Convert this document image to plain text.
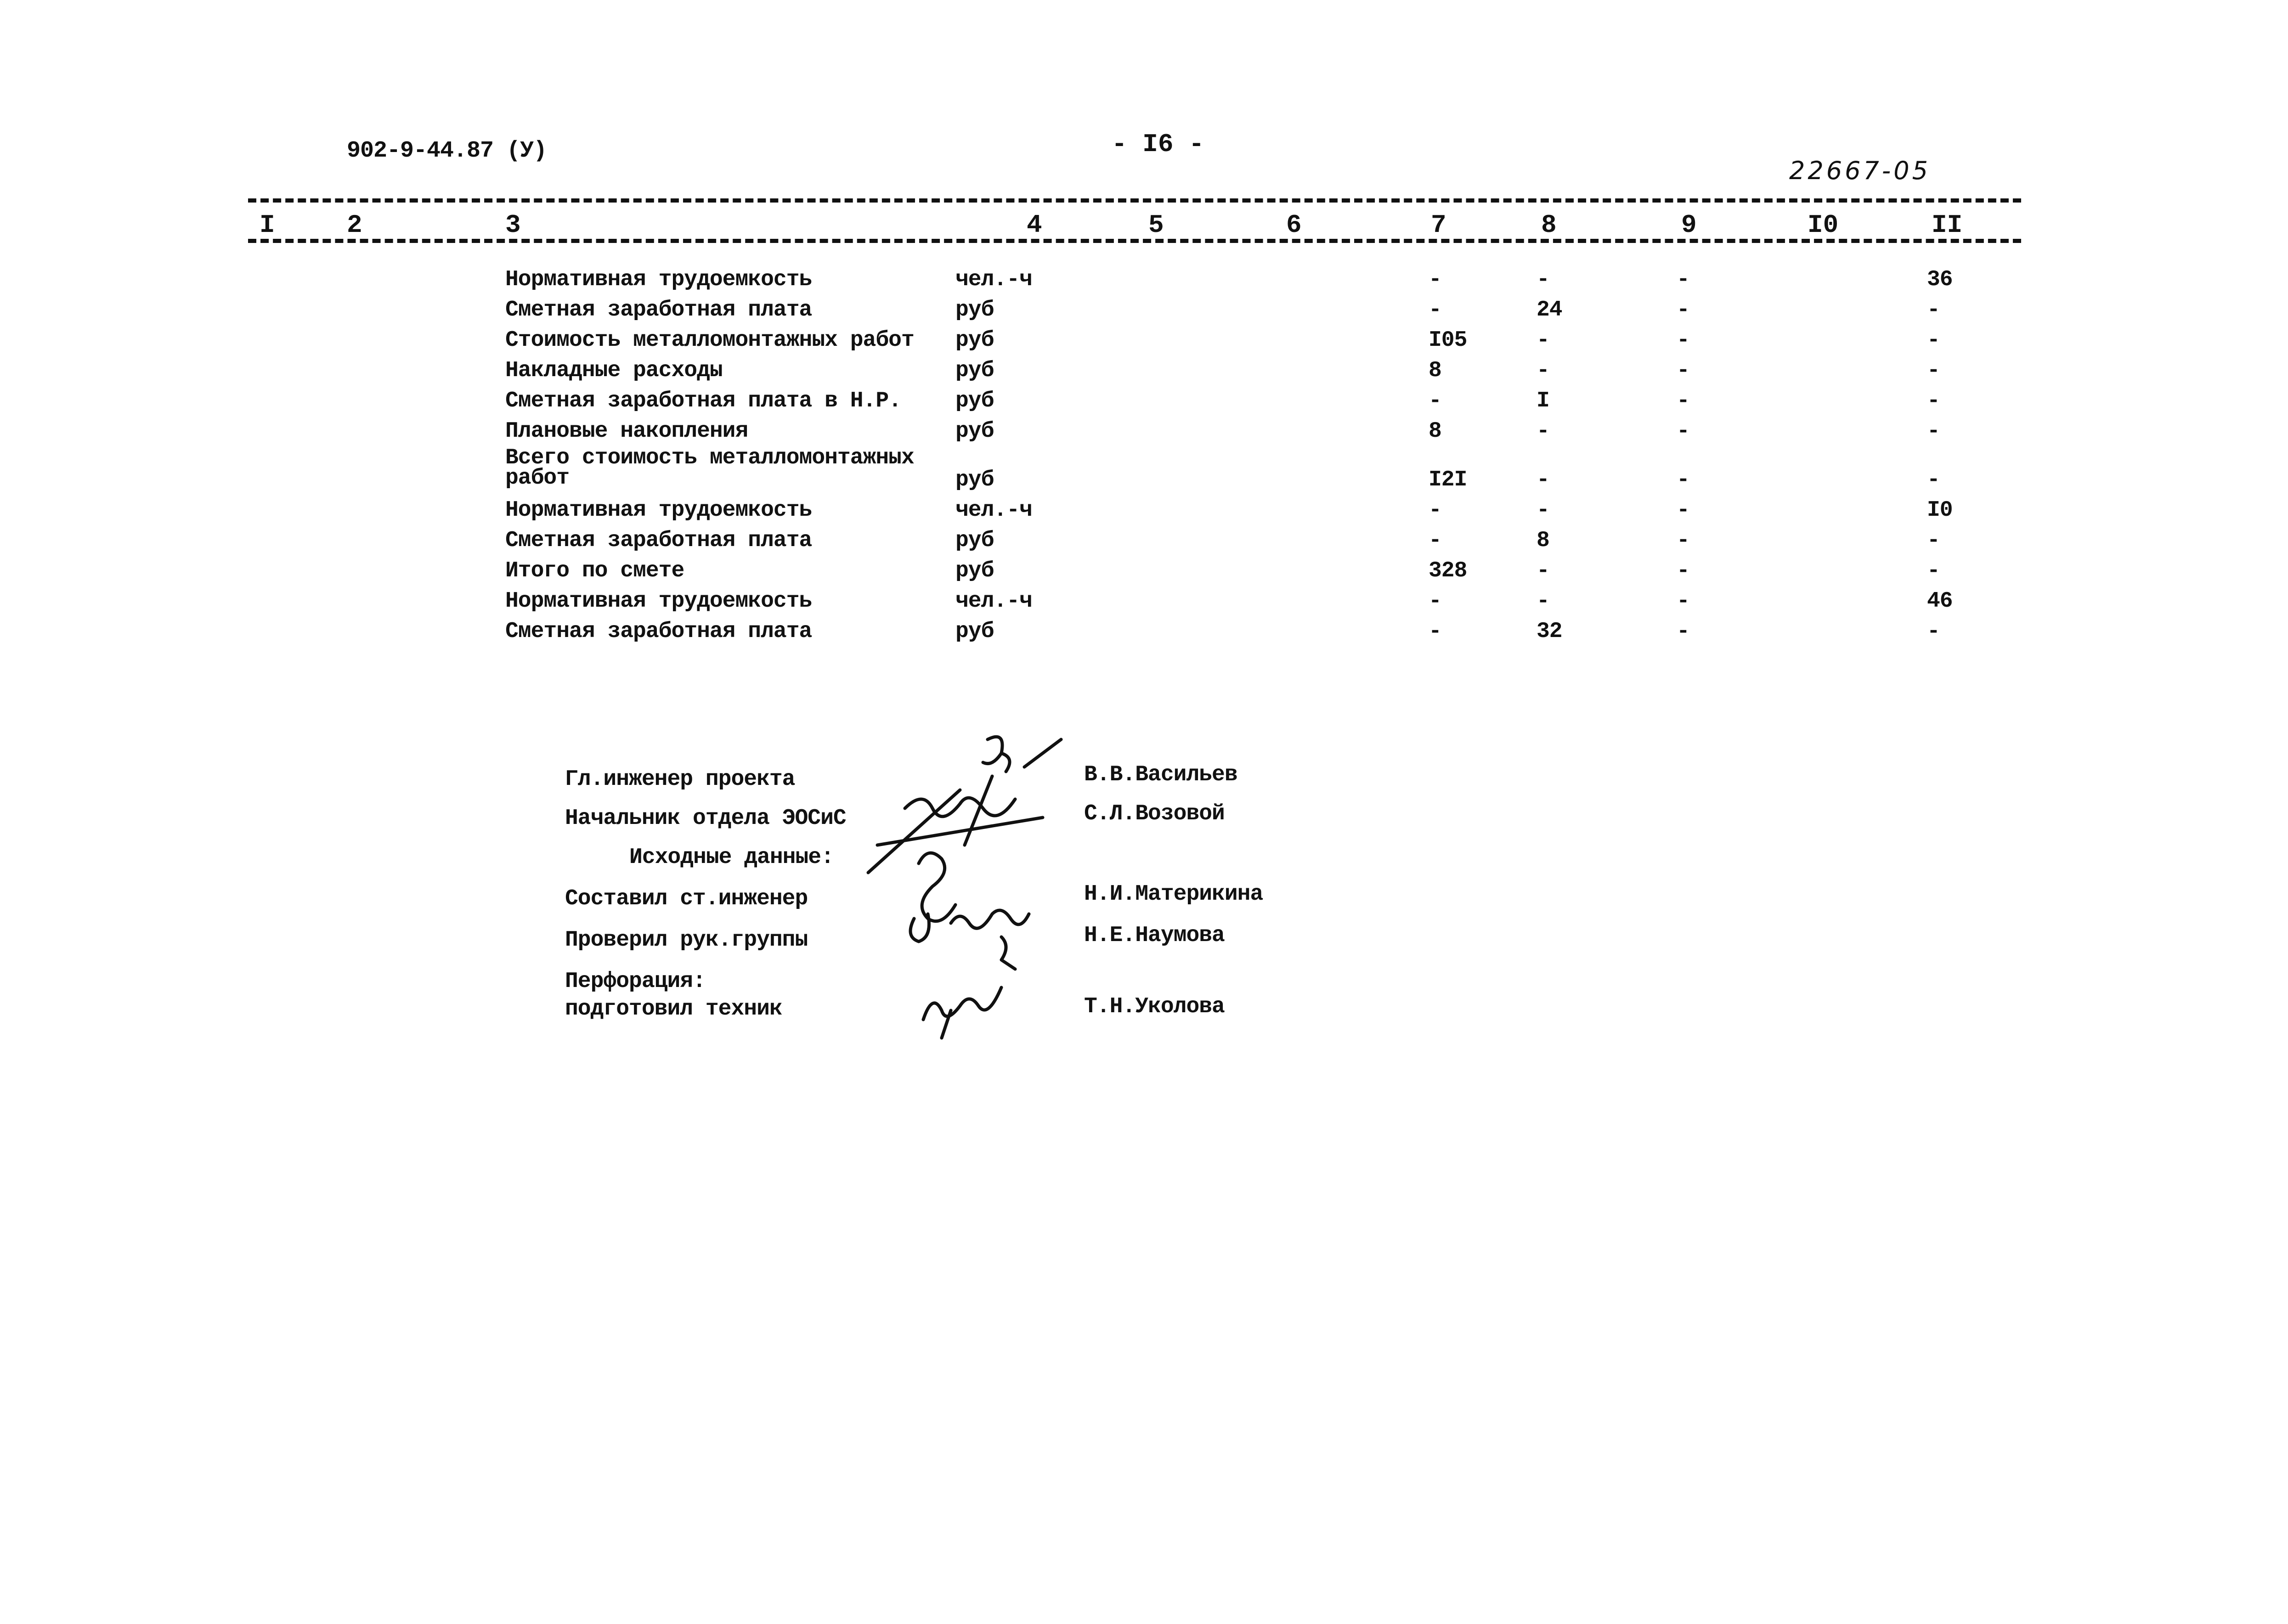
902-9-44.87 (У)	- I6 -
22667-05
I	2	3	4	5	6	7	8	9	I0	II
Нормативная трудоемкость	чел.-ч	-	-	-	36
Сметная заработная плата	руб	-	24	-	-
Стоимость металломонтажных работ руб	I05	-	-	-
Накладные расходы	руб	8	-	-	-
Сметная заработная плата в Н.Р. руб	-	I	-	-
Плановые накопления	руб	8	-	-	-
Всего стоимость металломонтажных
работ	руб	I2I	-	-	-
Нормативная трудоемкость	чел.-ч	-	-	-	I0
Сметная заработная плата	руб	-	8	-	-
Итого по смете	руб	328	-	-	-
Нормативная трудоемкость	чел.-ч	-	-	-	46
Сметная заработная плата	руб	-	32	-	-
Гл.инженер проекта	В.В.Васильев
Начальник отдела ЭОСиС	С.Л.Возовой
Исходные данные:
Составил ст.инженер	Н.И.Материкина
Проверил рук.группы	Н.Е.Наумова
Перфорация:
подготовил техник	Т.Н.Уколова
